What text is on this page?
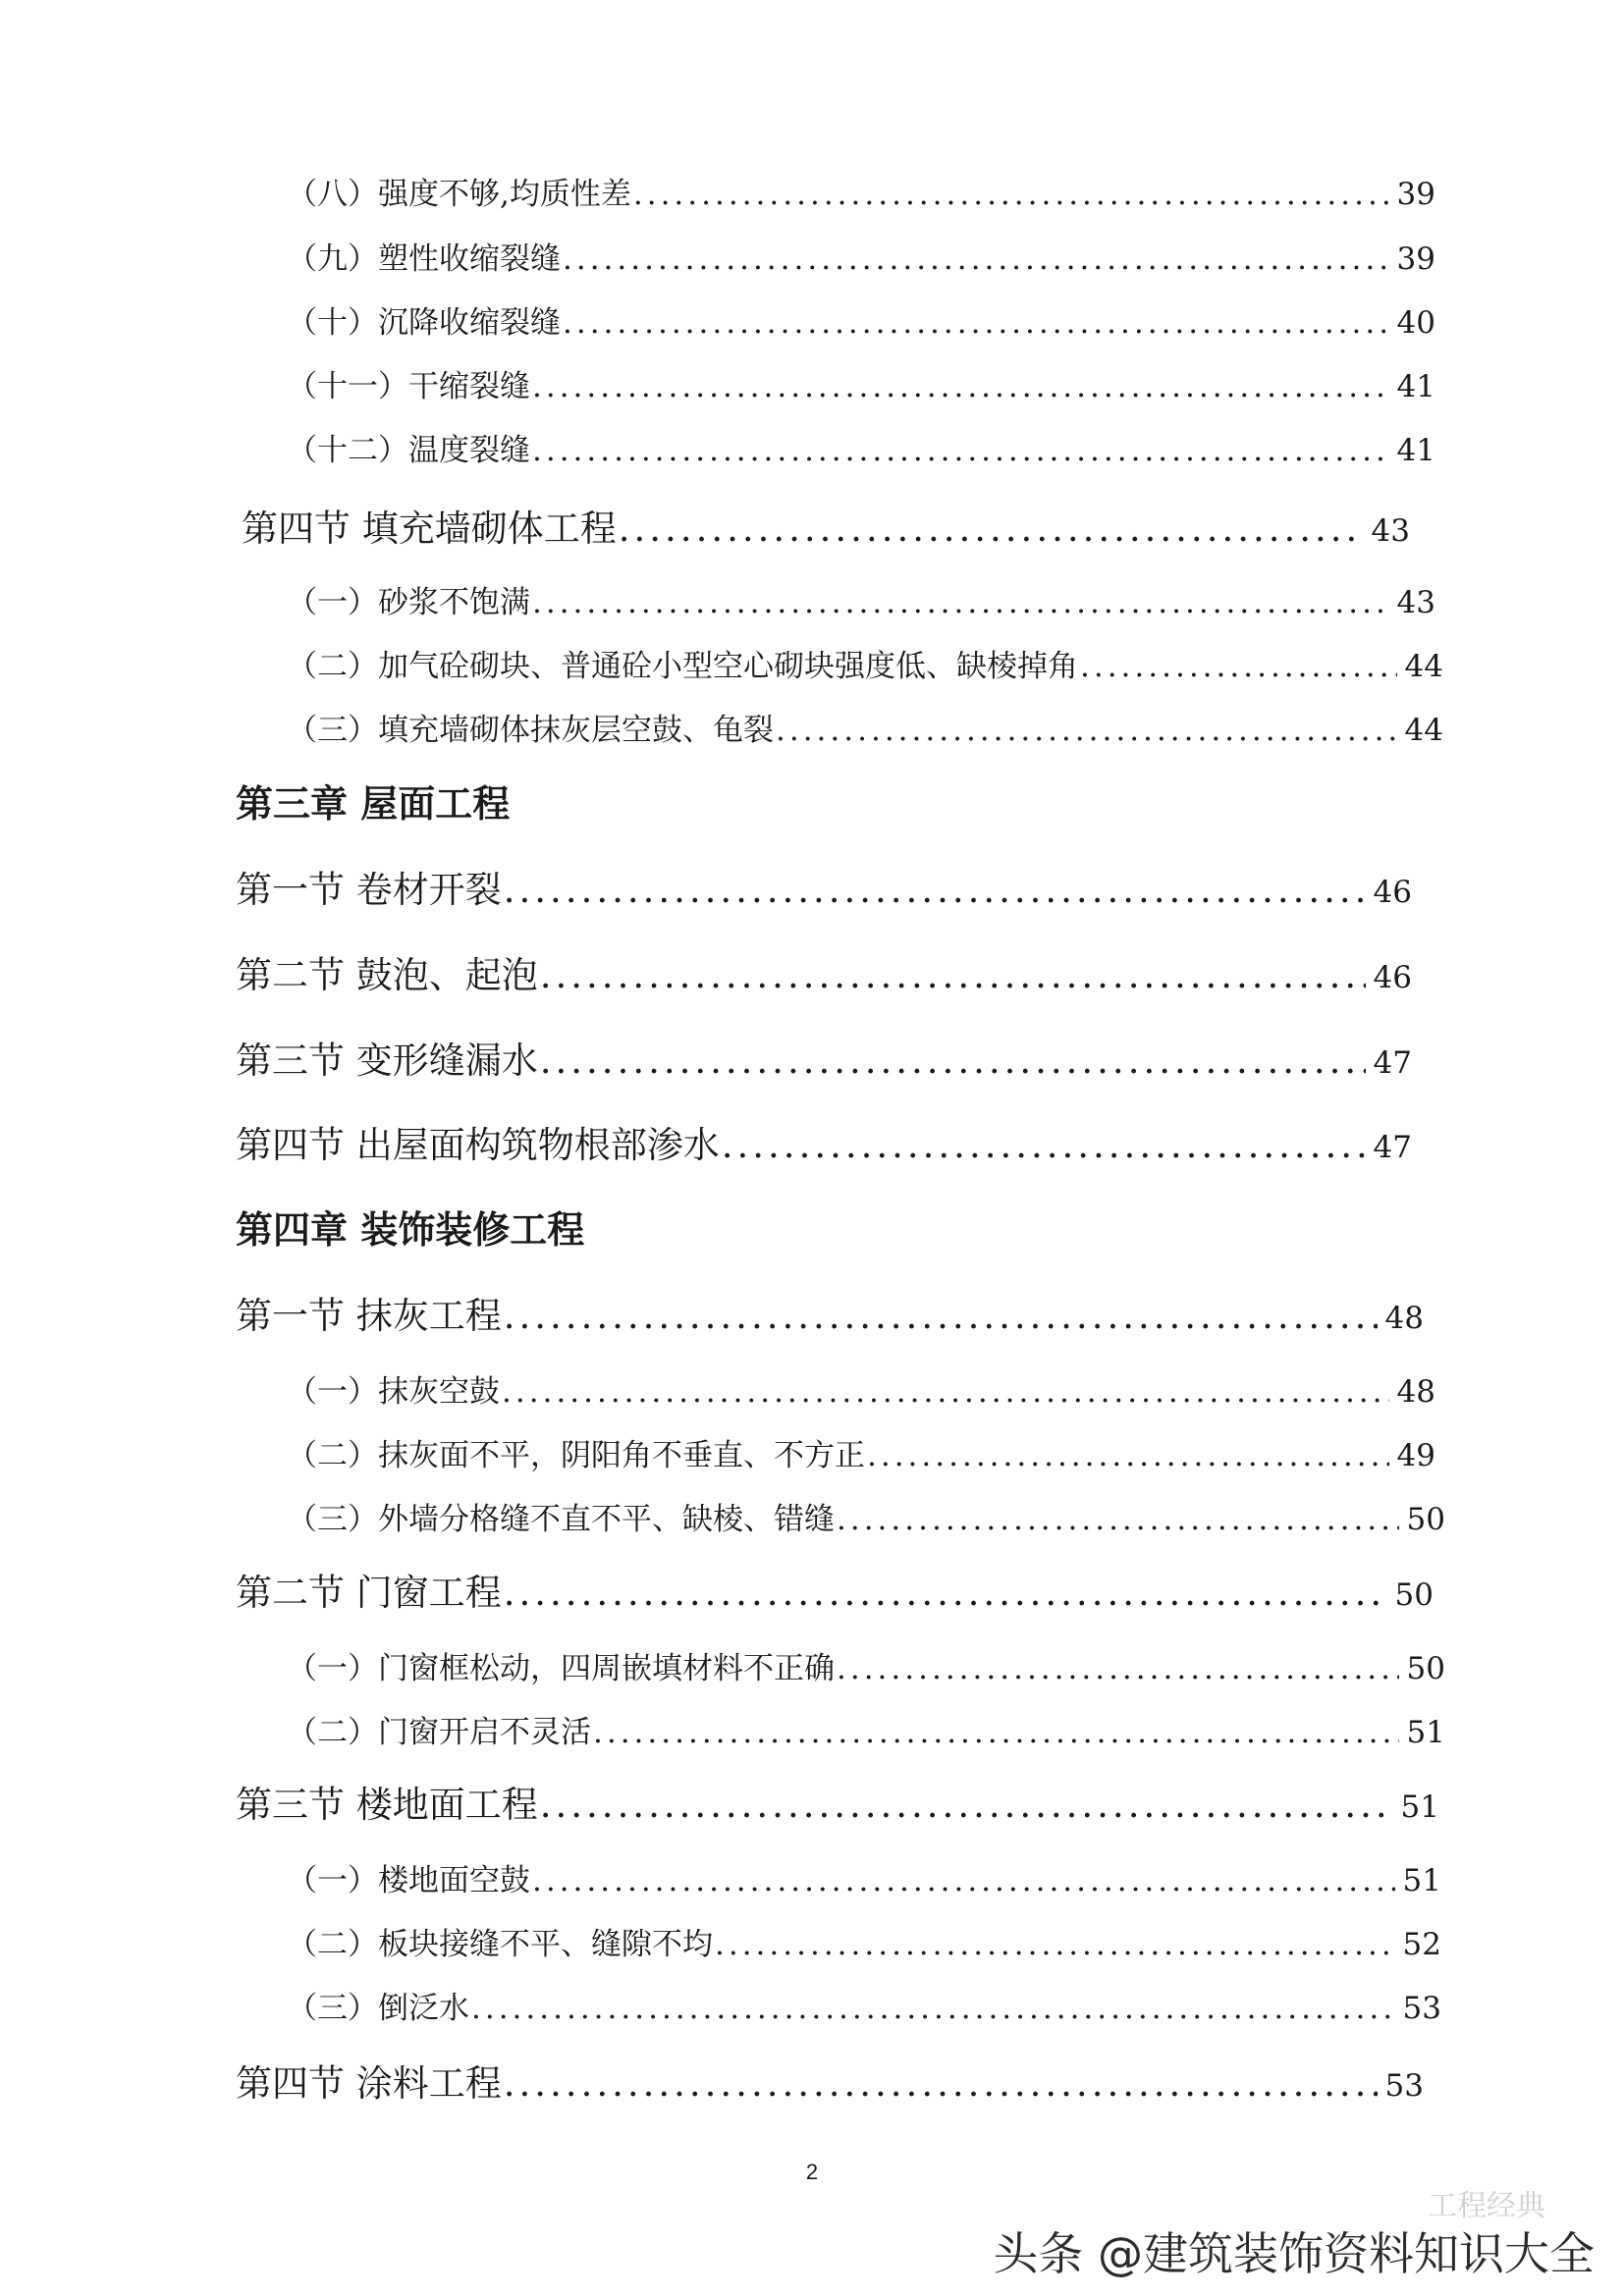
（八）强度不够,均质性差 .....	39
（九）塑性收缩裂缝 .....	39
（十）沉降收缩裂缝 .....	40
（十一）干缩裂缝 .....	41
（十二）温度裂缝 .....	41
第四节 填充墙砌体工程 .....	43
（一）砂浆不饱满 .....	43
（二）加气砼砌块、普通砼小型空心砌块强度低、缺棱掉角 .....	44
（三）填充墙砌体抹灰层空鼓、龟裂 .....	44
第三章 屋面工程
第一节 卷材开裂 .....	46
第二节 鼓泡、起泡 .....	46
第三节 变形缝漏水 .....	47
第四节 出屋面构筑物根部渗水 .....	47
第四章 装饰装修工程
第一节 抹灰工程 .....	48
（一）抹灰空鼓 .....	48
（二）抹灰面不平，阴阳角不垂直、不方正 .....	49
（三）外墙分格缝不直不平、缺棱、错缝 .....	50
第二节 门窗工程 .....	50
（一）门窗框松动，四周嵌填材料不正确 .....	50
（二）门窗开启不灵活 .....	51
第三节 楼地面工程 .....	51
（一）楼地面空鼓 .....	51
（二）板块接缝不平、缝隙不均 .....	52
（三）倒泛水 .....	53
第四节 涂料工程 .....	53
2
工程经典
头条 @建筑装饰资料知识大全
